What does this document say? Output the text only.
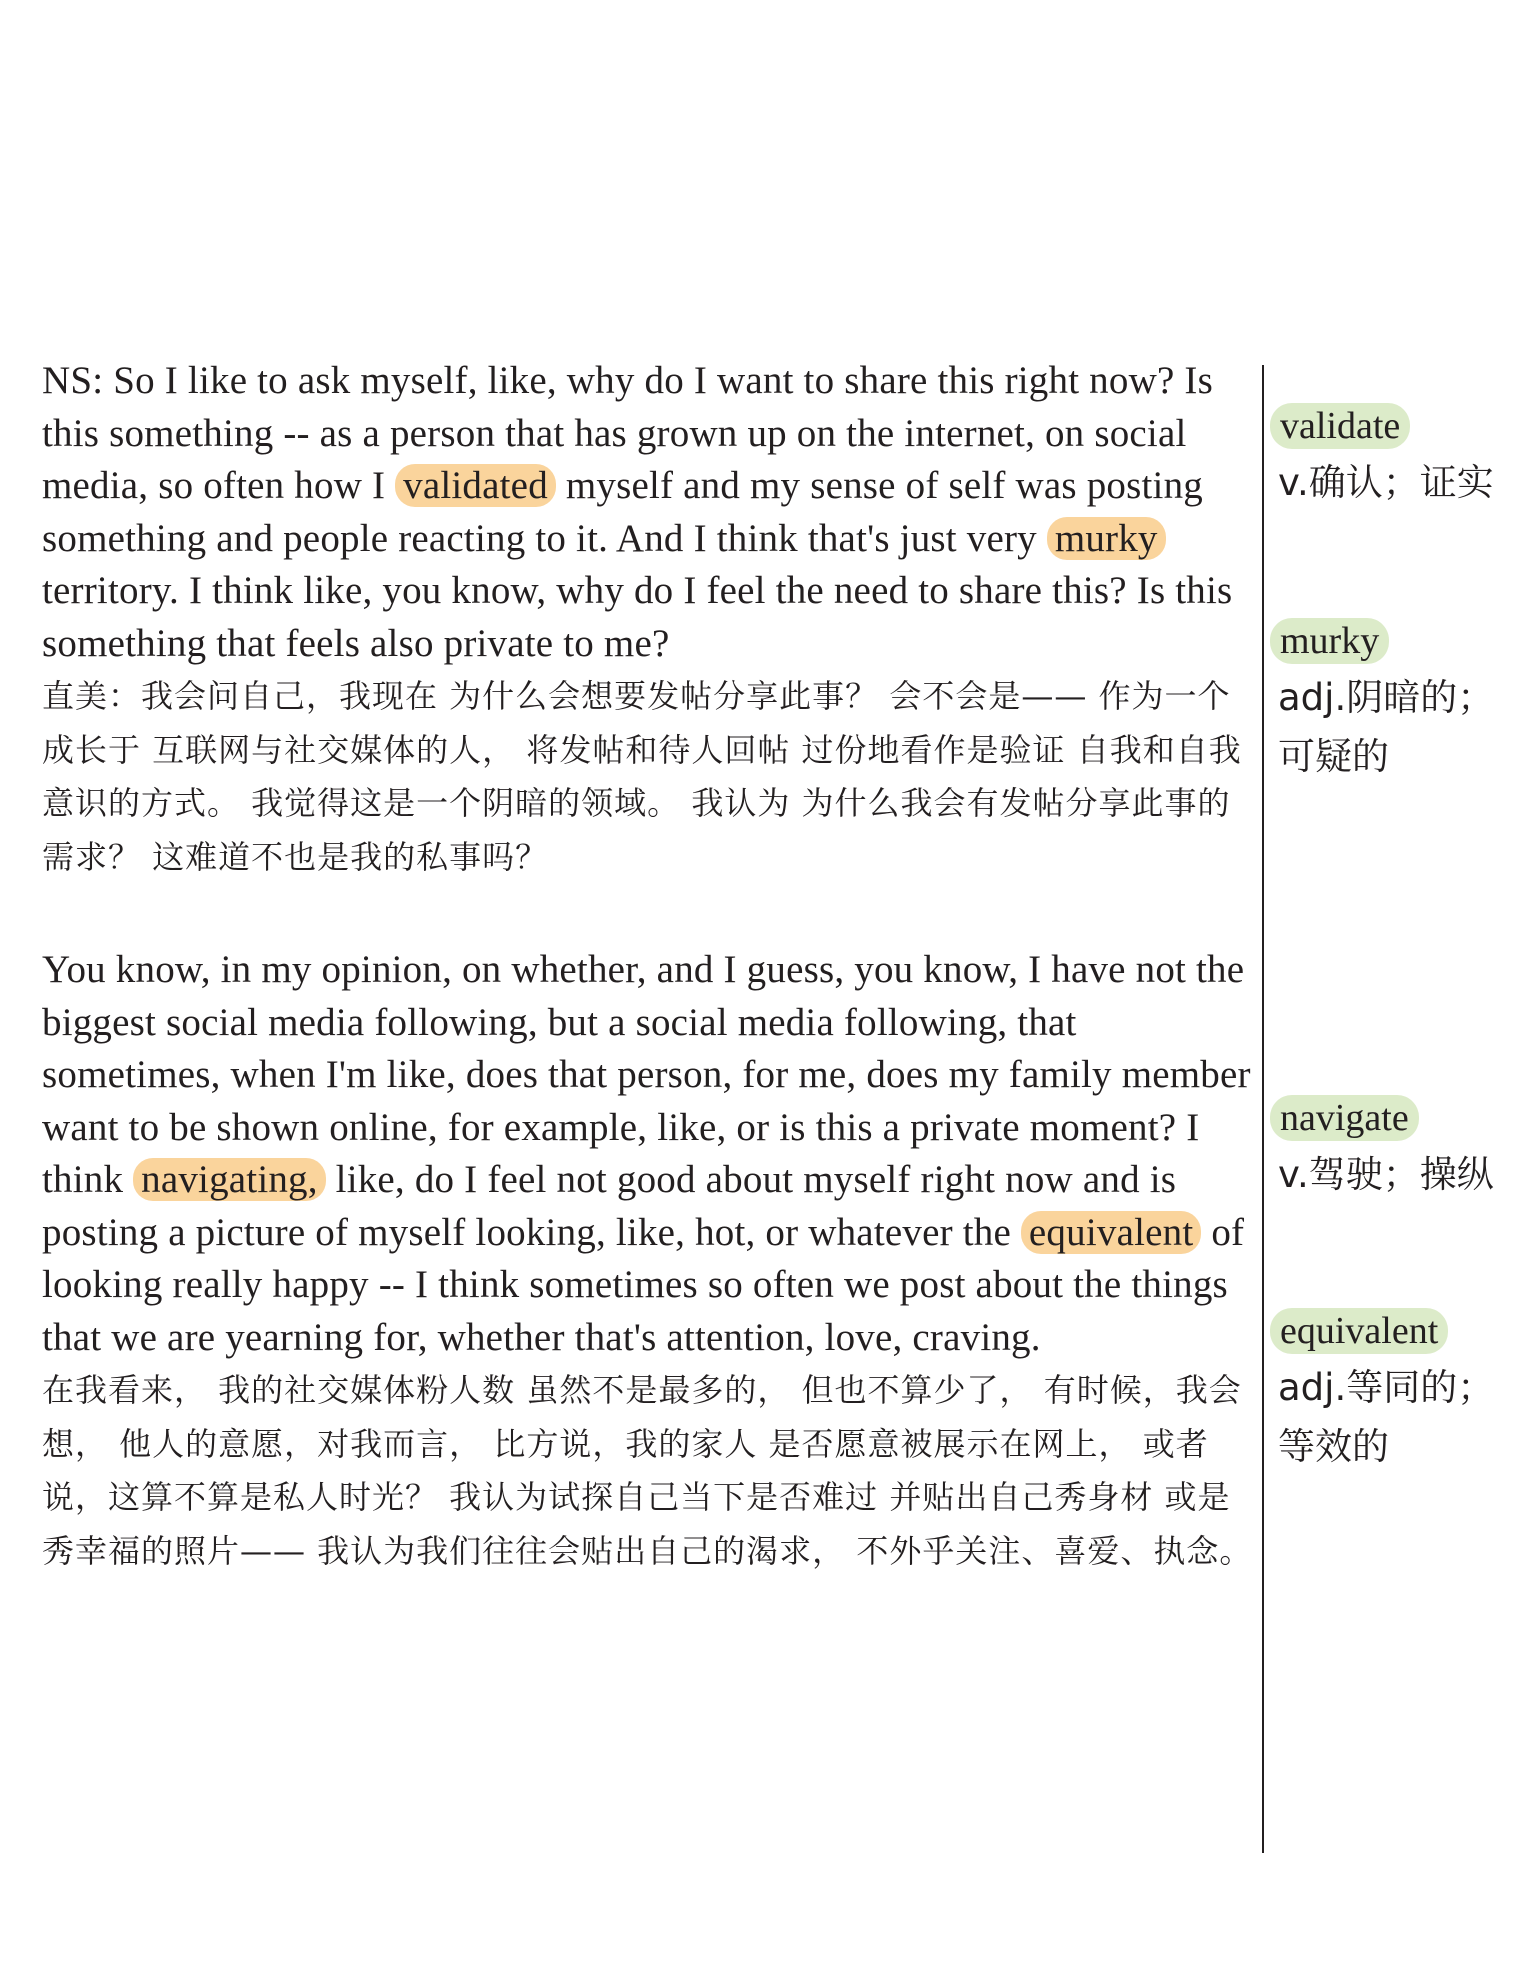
NS: So I like to ask myself, like, why do I want to share this right now? Is this something -- as a person that has grown up on the internet, on social media, so often how I validated myself and my sense of self was posting something and people reacting to it. And I think that's just very murky territory. I think like, you know, why do I feel the need to share this? Is this something that feels also private to me?

直美：我会问自己，我现在 为什么会想要发帖分享此事？ 会不会是—— 作为一个成长于 互联网与社交媒体的人， 将发帖和待人回帖 过份地看作是验证 自我和自我意识的方式。 我觉得这是一个阴暗的领域。 我认为 为什么我会有发帖分享此事的需求？ 这难道不也是我的私事吗？

You know, in my opinion, on whether, and I guess, you know, I have not the biggest social media following, but a social media following, that sometimes, when I'm like, does that person, for me, does my family member want to be shown online, for example, like, or is this a private moment? I think navigating, like, do I feel not good about myself right now and is posting a picture of myself looking, like, hot, or whatever the equivalent of looking really happy -- I think sometimes so often we post about the things that we are yearning for, whether that's attention, love, craving.

在我看来， 我的社交媒体粉人数 虽然不是最多的， 但也不算少了， 有时候，我会想， 他人的意愿，对我而言， 比方说，我的家人 是否愿意被展示在网上， 或者说，这算不算是私人时光？ 我认为试探自己当下是否难过 并贴出自己秀身材 或是秀幸福的照片—— 我认为我们往往会贴出自己的渴求， 不外乎关注、喜爱、执念。

validate
v.确认；证实
murky
adj.阴暗的；可疑的
navigate
v.驾驶；操纵
equivalent
adj.等同的；等效的
